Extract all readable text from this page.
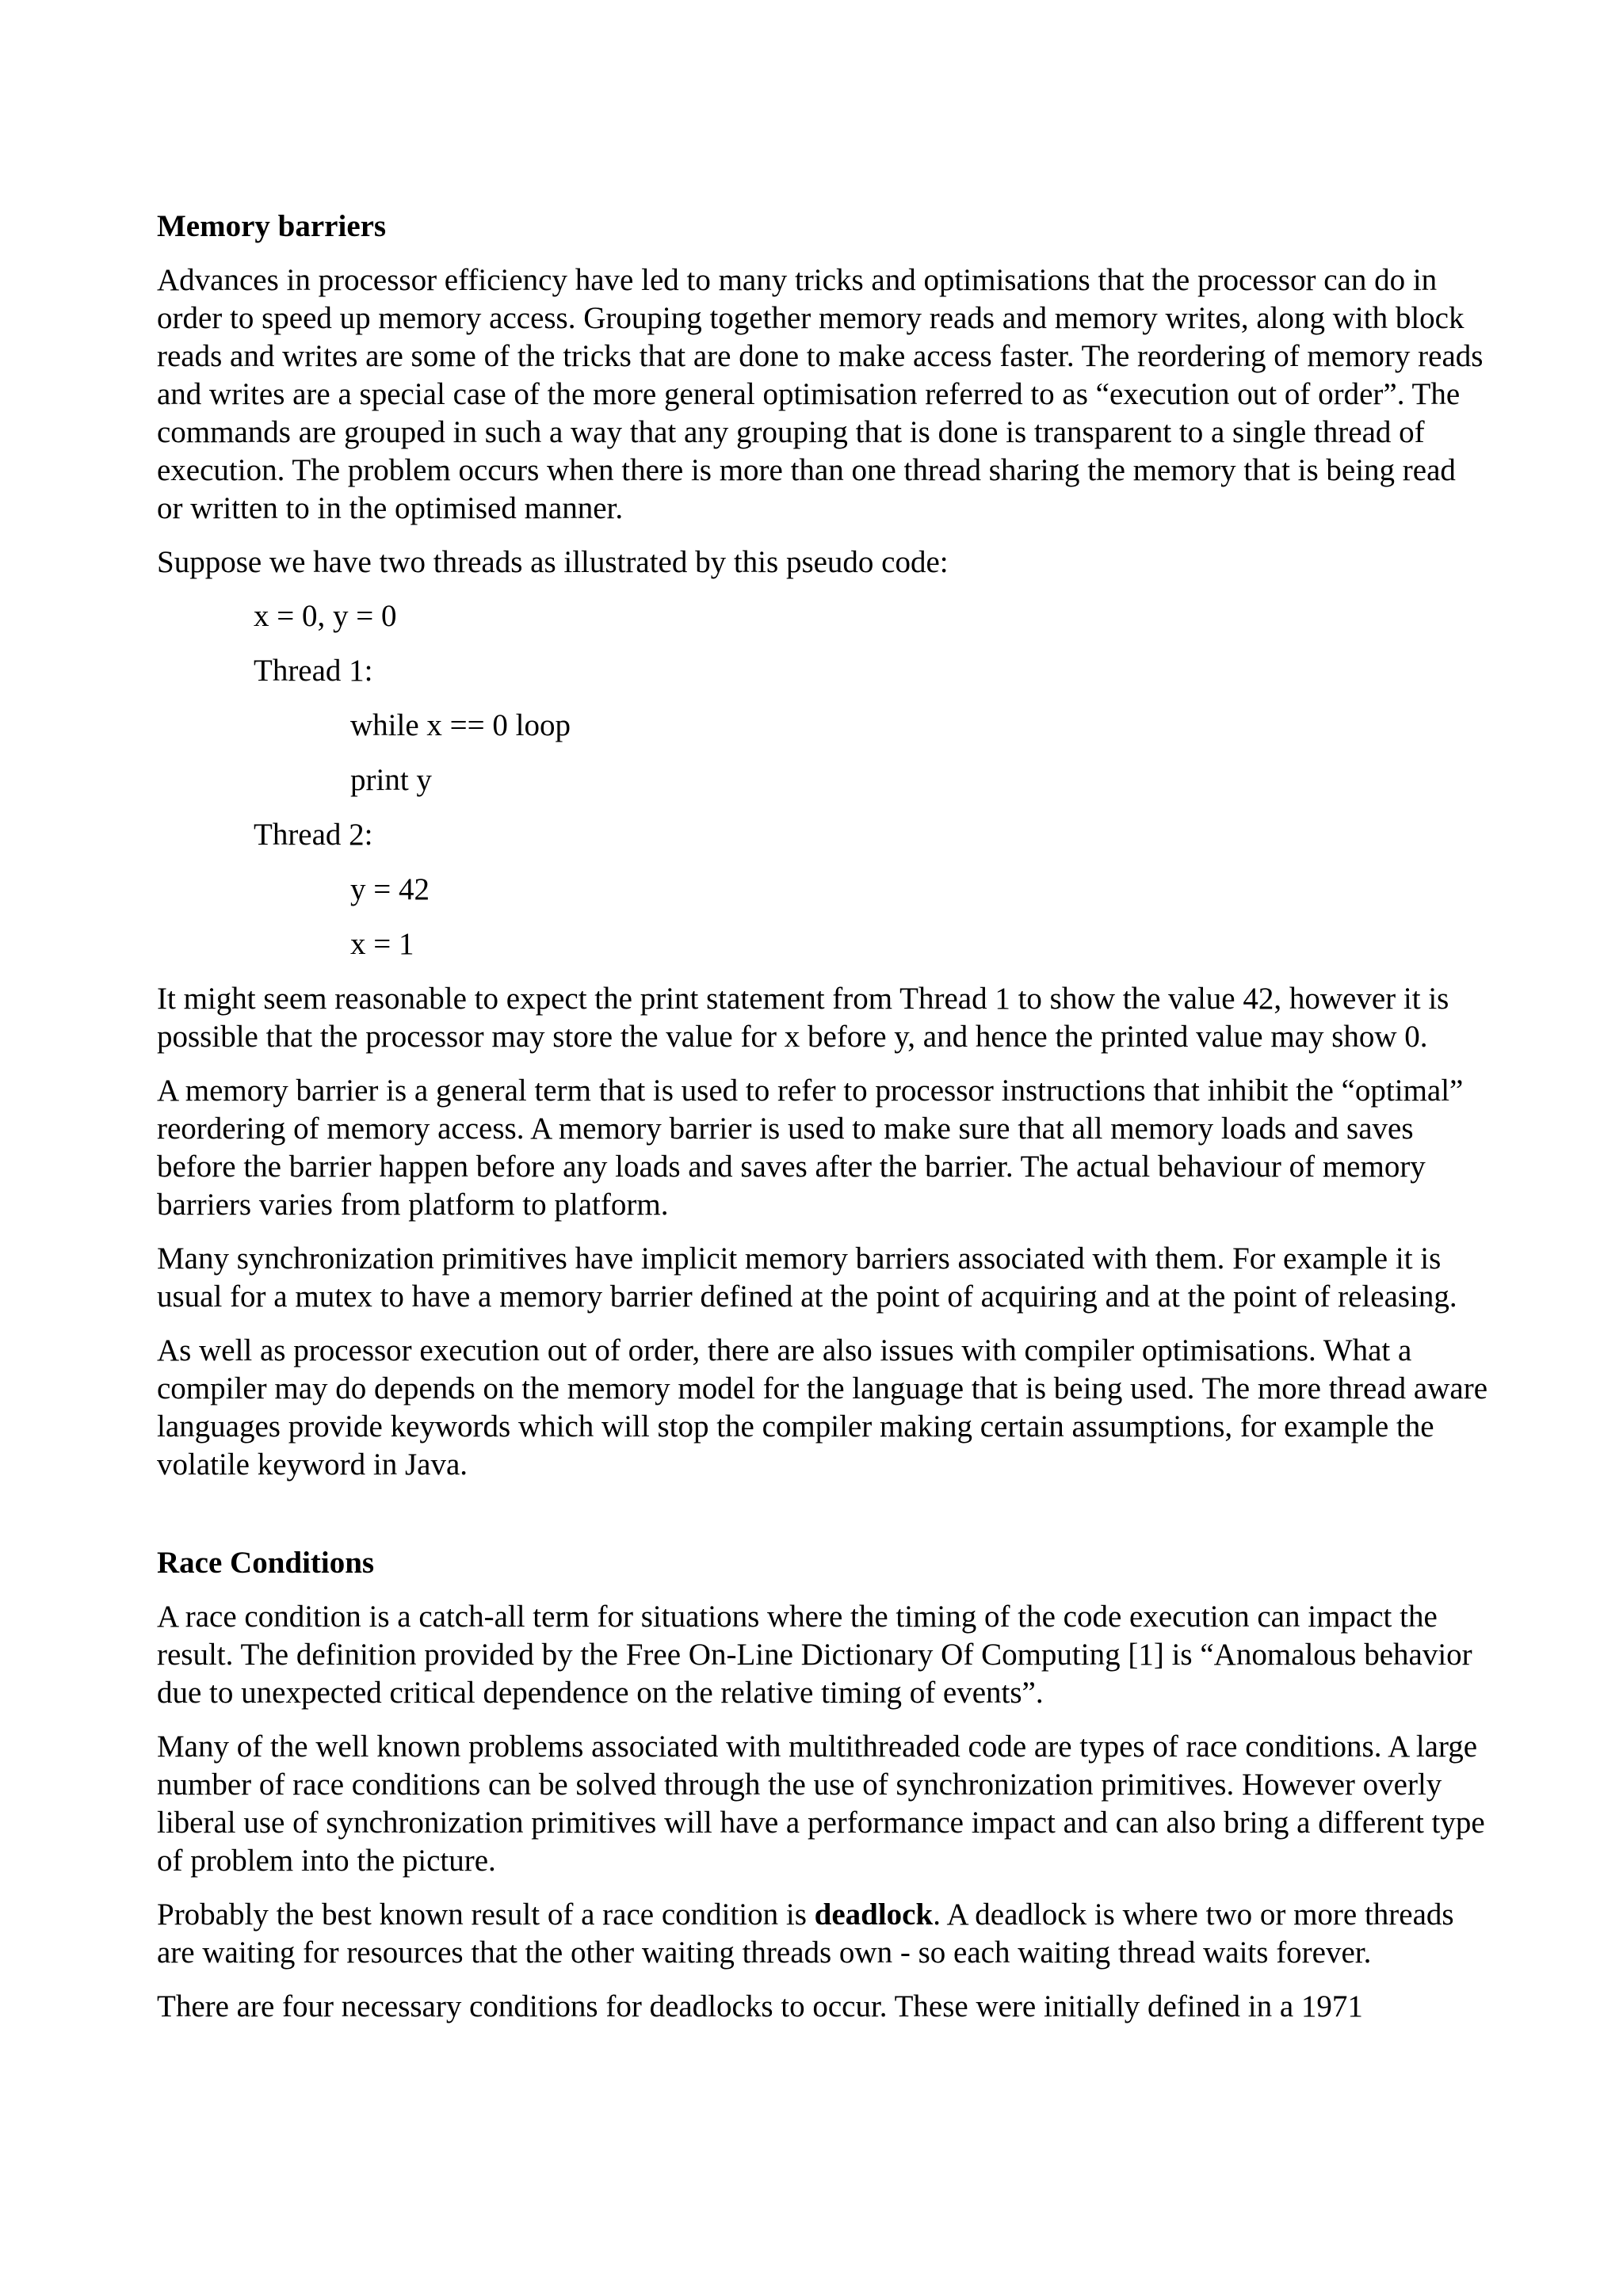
Memory barriers

Advances in processor efficiency have led to many tricks and optimisations that the processor can do in order to speed up memory access. Grouping together memory reads and memory writes, along with block reads and writes are some of the tricks that are done to make access faster. The reordering of memory reads and writes are a special case of the more general optimisation referred to as “execution out of order”. The commands are grouped in such a way that any grouping that is done is transparent to a single thread of execution. The problem occurs when there is more than one thread sharing the memory that is being read or written to in the optimised manner.

Suppose we have two threads as illustrated by this pseudo code:

x = 0, y = 0
Thread 1:
while x == 0 loop
print y
Thread 2:
y = 42
x = 1

It might seem reasonable to expect the print statement from Thread 1 to show the value 42, however it is possible that the processor may store the value for x before y, and hence the printed value may show 0.

A memory barrier is a general term that is used to refer to processor instructions that inhibit the “optimal” reordering of memory access. A memory barrier is used to make sure that all memory loads and saves before the barrier happen before any loads and saves after the barrier. The actual behaviour of memory barriers varies from platform to platform.

Many synchronization primitives have implicit memory barriers associated with them. For example it is usual for a mutex to have a memory barrier defined at the point of acquiring and at the point of releasing.

As well as processor execution out of order, there are also issues with compiler optimisations. What a compiler may do depends on the memory model for the language that is being used. The more thread aware languages provide keywords which will stop the compiler making certain assumptions, for example the volatile keyword in Java.

Race Conditions

A race condition is a catch-all term for situations where the timing of the code execution can impact the result. The definition provided by the Free On-Line Dictionary Of Computing [1] is “Anomalous behavior due to unexpected critical dependence on the relative timing of events”.

Many of the well known problems associated with multithreaded code are types of race conditions. A large number of race conditions can be solved through the use of synchronization primitives. However overly liberal use of synchronization primitives will have a performance impact and can also bring a different type of problem into the picture.

Probably the best known result of a race condition is deadlock. A deadlock is where two or more threads are waiting for resources that the other waiting threads own - so each waiting thread waits forever.

There are four necessary conditions for deadlocks to occur. These were initially defined in a 1971
